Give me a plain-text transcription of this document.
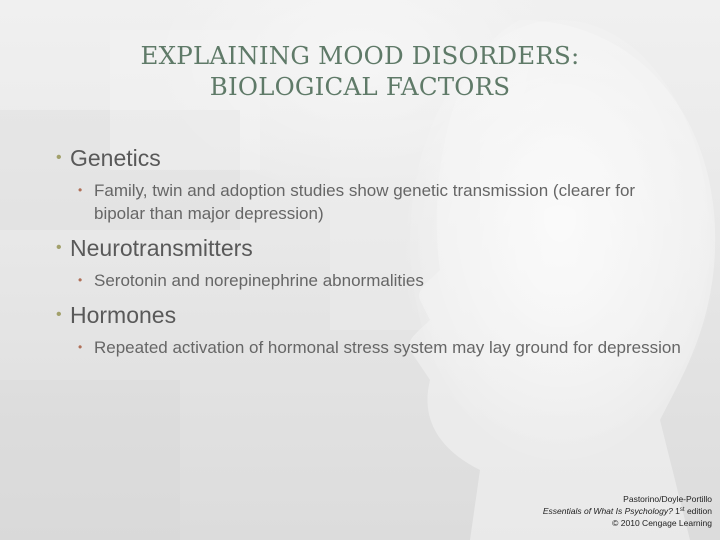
EXPLAINING MOOD DISORDERS:
BIOLOGICAL FACTORS
• Genetics
• Family, twin and adoption studies show genetic transmission (clearer for bipolar than major depression)
• Neurotransmitters
• Serotonin and norepinephrine abnormalities
• Hormones
• Repeated activation of hormonal stress system may lay ground for depression
Pastorino/Doyle-Portillo
Essentials of What Is Psychology? 1st edition
© 2010 Cengage Learning
